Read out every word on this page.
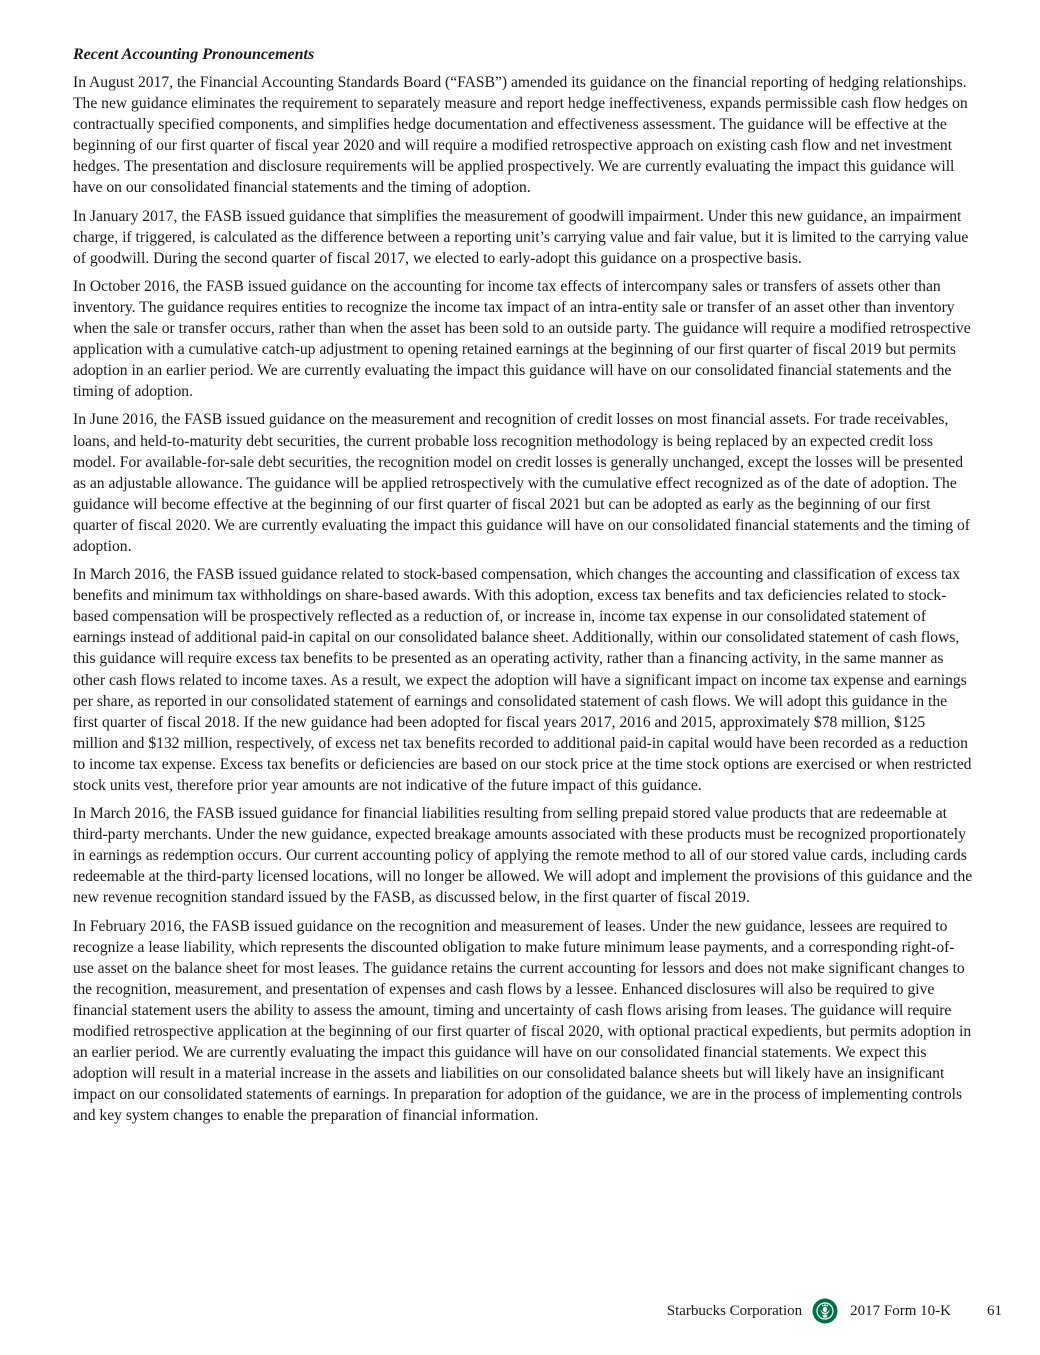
Recent Accounting Pronouncements

In August 2017, the Financial Accounting Standards Board (“FASB”) amended its guidance on the financial reporting of hedging relationships. The new guidance eliminates the requirement to separately measure and report hedge ineffectiveness, expands permissible cash flow hedges on contractually specified components, and simplifies hedge documentation and effectiveness assessment. The guidance will be effective at the beginning of our first quarter of fiscal year 2020 and will require a modified retrospective approach on existing cash flow and net investment hedges. The presentation and disclosure requirements will be applied prospectively. We are currently evaluating the impact this guidance will have on our consolidated financial statements and the timing of adoption.

In January 2017, the FASB issued guidance that simplifies the measurement of goodwill impairment. Under this new guidance, an impairment charge, if triggered, is calculated as the difference between a reporting unit’s carrying value and fair value, but it is limited to the carrying value of goodwill. During the second quarter of fiscal 2017, we elected to early-adopt this guidance on a prospective basis.

In October 2016, the FASB issued guidance on the accounting for income tax effects of intercompany sales or transfers of assets other than inventory. The guidance requires entities to recognize the income tax impact of an intra-entity sale or transfer of an asset other than inventory when the sale or transfer occurs, rather than when the asset has been sold to an outside party. The guidance will require a modified retrospective application with a cumulative catch-up adjustment to opening retained earnings at the beginning of our first quarter of fiscal 2019 but permits adoption in an earlier period. We are currently evaluating the impact this guidance will have on our consolidated financial statements and the timing of adoption.

In June 2016, the FASB issued guidance on the measurement and recognition of credit losses on most financial assets. For trade receivables, loans, and held-to-maturity debt securities, the current probable loss recognition methodology is being replaced by an expected credit loss model. For available-for-sale debt securities, the recognition model on credit losses is generally unchanged, except the losses will be presented as an adjustable allowance. The guidance will be applied retrospectively with the cumulative effect recognized as of the date of adoption. The guidance will become effective at the beginning of our first quarter of fiscal 2021 but can be adopted as early as the beginning of our first quarter of fiscal 2020. We are currently evaluating the impact this guidance will have on our consolidated financial statements and the timing of adoption.

In March 2016, the FASB issued guidance related to stock-based compensation, which changes the accounting and classification of excess tax benefits and minimum tax withholdings on share-based awards. With this adoption, excess tax benefits and tax deficiencies related to stock-based compensation will be prospectively reflected as a reduction of, or increase in, income tax expense in our consolidated statement of earnings instead of additional paid-in capital on our consolidated balance sheet. Additionally, within our consolidated statement of cash flows, this guidance will require excess tax benefits to be presented as an operating activity, rather than a financing activity, in the same manner as other cash flows related to income taxes. As a result, we expect the adoption will have a significant impact on income tax expense and earnings per share, as reported in our consolidated statement of earnings and consolidated statement of cash flows. We will adopt this guidance in the first quarter of fiscal 2018. If the new guidance had been adopted for fiscal years 2017, 2016 and 2015, approximately $78 million, $125 million and $132 million, respectively, of excess net tax benefits recorded to additional paid-in capital would have been recorded as a reduction to income tax expense. Excess tax benefits or deficiencies are based on our stock price at the time stock options are exercised or when restricted stock units vest, therefore prior year amounts are not indicative of the future impact of this guidance.

In March 2016, the FASB issued guidance for financial liabilities resulting from selling prepaid stored value products that are redeemable at third-party merchants. Under the new guidance, expected breakage amounts associated with these products must be recognized proportionately in earnings as redemption occurs. Our current accounting policy of applying the remote method to all of our stored value cards, including cards redeemable at the third-party licensed locations, will no longer be allowed. We will adopt and implement the provisions of this guidance and the new revenue recognition standard issued by the FASB, as discussed below, in the first quarter of fiscal 2019.

In February 2016, the FASB issued guidance on the recognition and measurement of leases. Under the new guidance, lessees are required to recognize a lease liability, which represents the discounted obligation to make future minimum lease payments, and a corresponding right-of-use asset on the balance sheet for most leases. The guidance retains the current accounting for lessors and does not make significant changes to the recognition, measurement, and presentation of expenses and cash flows by a lessee. Enhanced disclosures will also be required to give financial statement users the ability to assess the amount, timing and uncertainty of cash flows arising from leases. The guidance will require modified retrospective application at the beginning of our first quarter of fiscal 2020, with optional practical expedients, but permits adoption in an earlier period. We are currently evaluating the impact this guidance will have on our consolidated financial statements. We expect this adoption will result in a material increase in the assets and liabilities on our consolidated balance sheets but will likely have an insignificant impact on our consolidated statements of earnings. In preparation for adoption of the guidance, we are in the process of implementing controls and key system changes to enable the preparation of financial information.

Starbucks Corporation	2017 Form 10-K 61
